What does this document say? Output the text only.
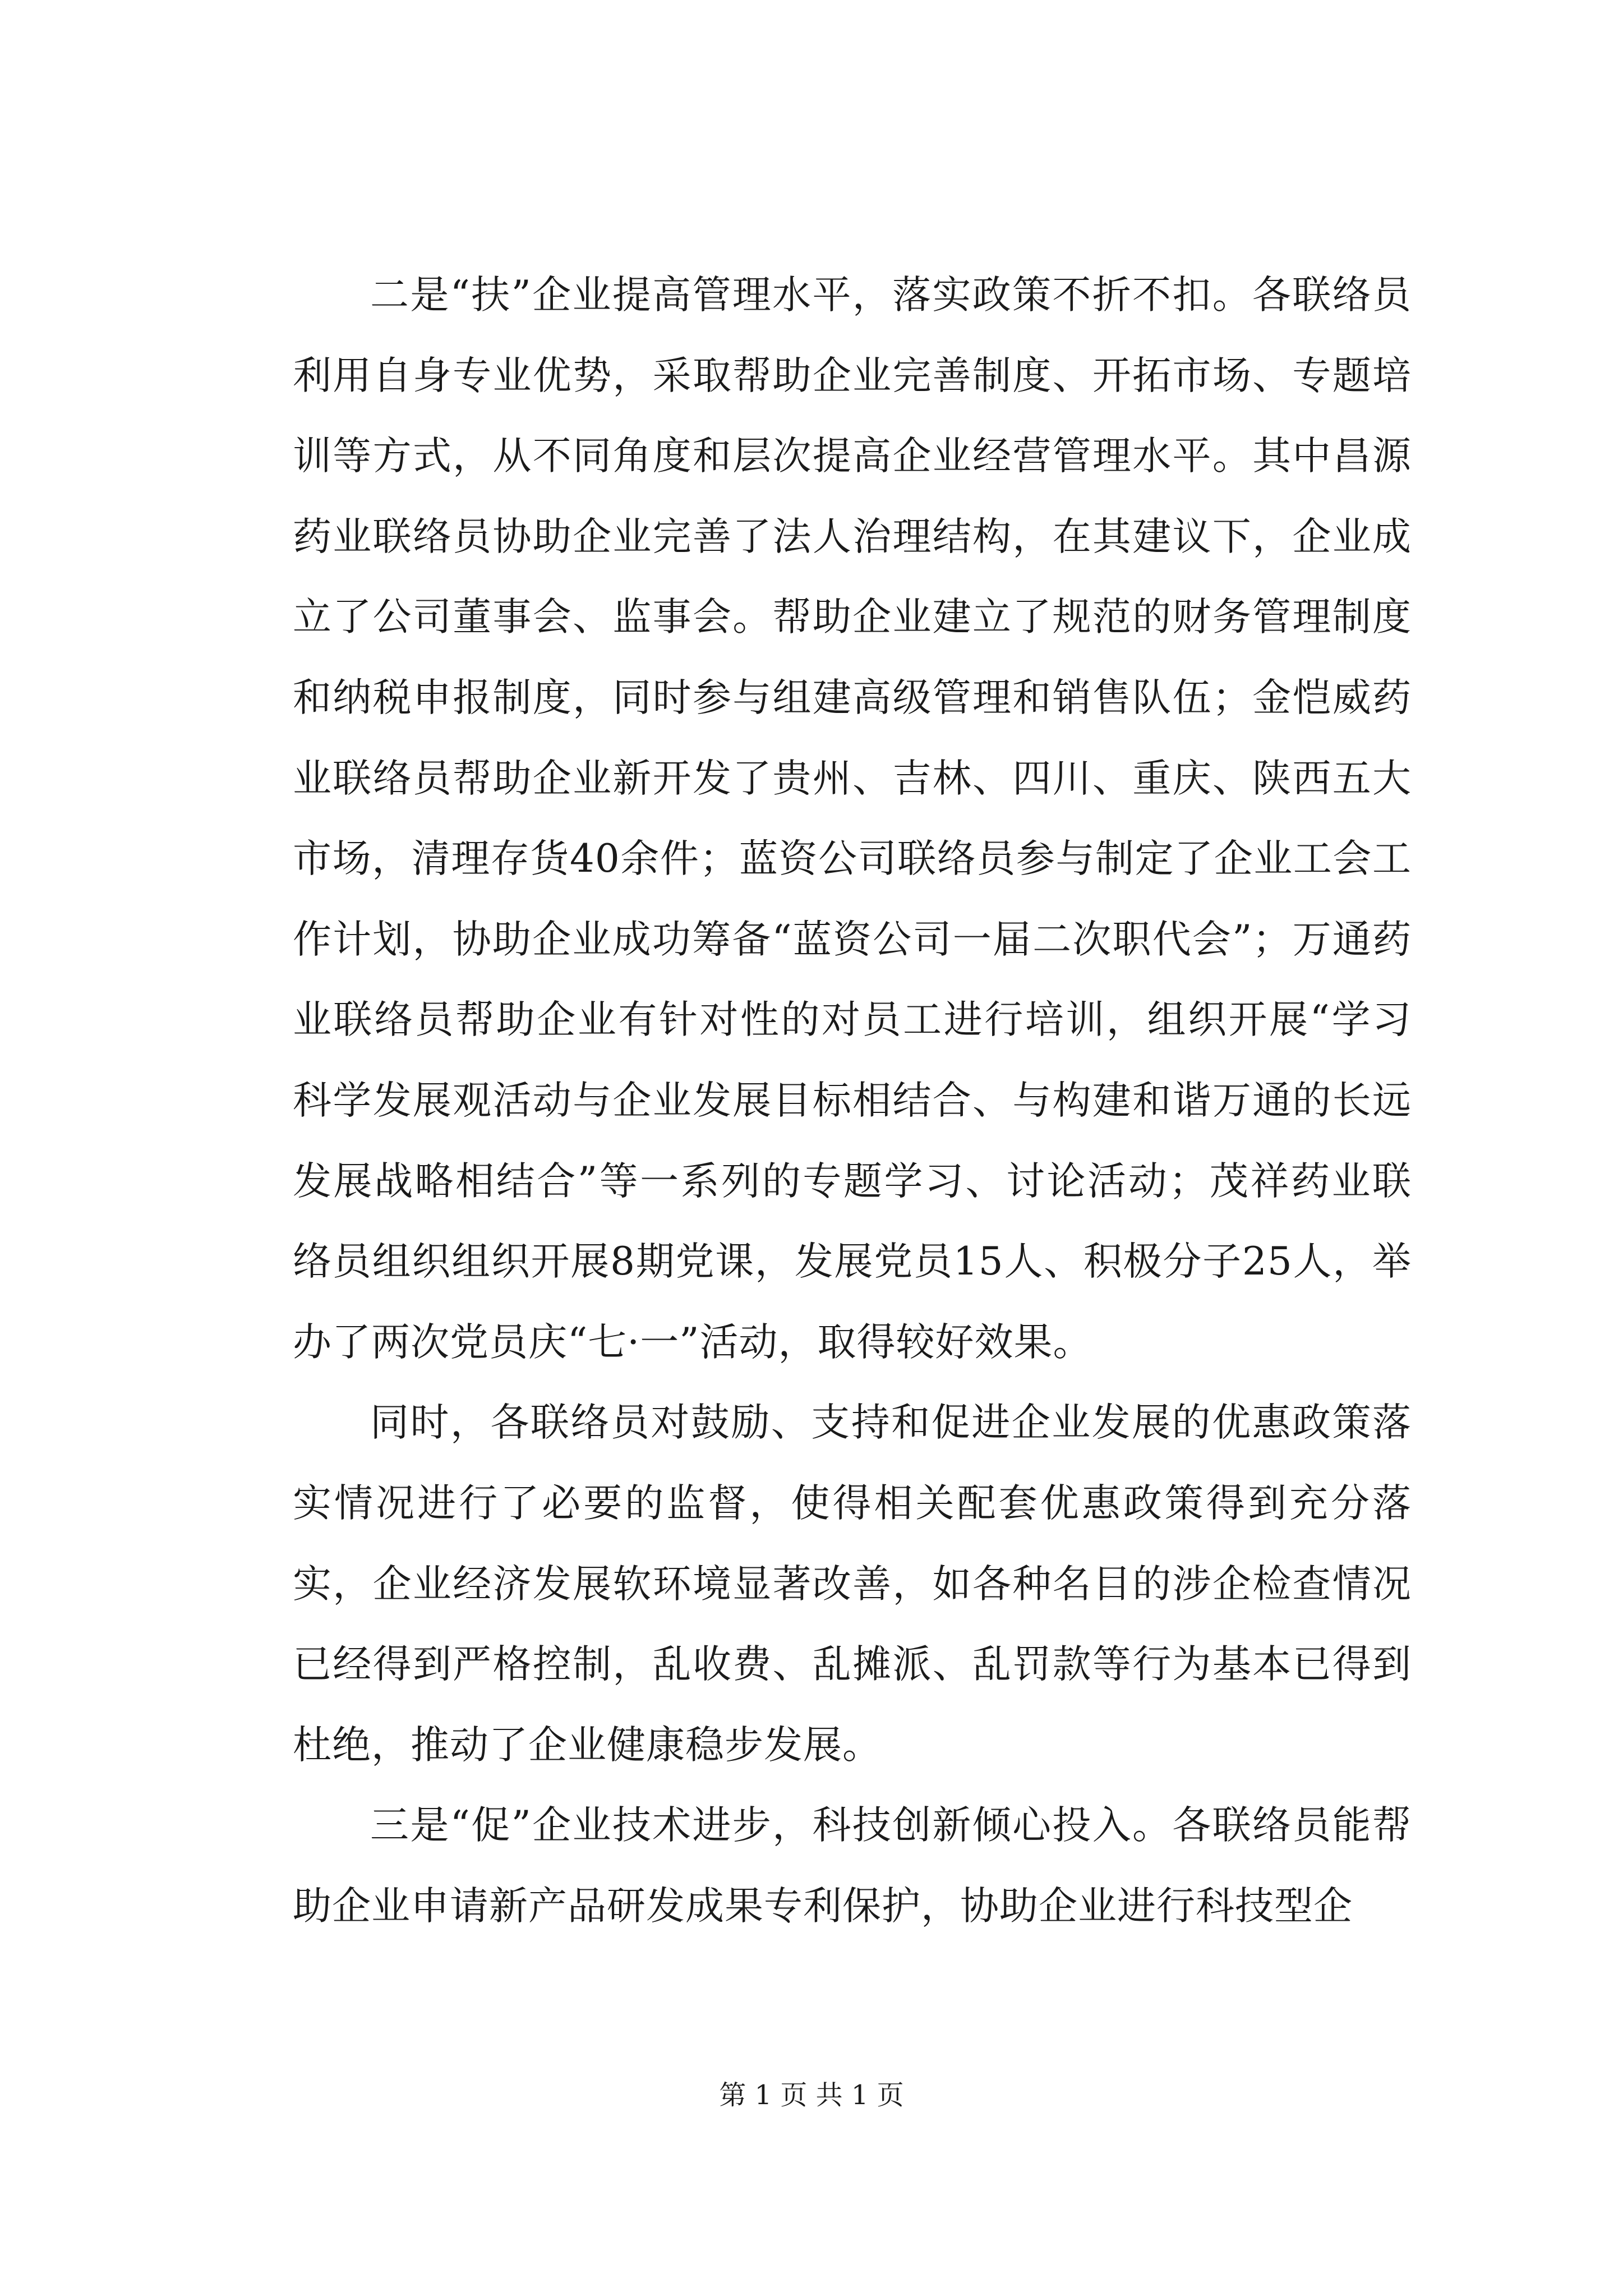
二是“扶”企业提高管理水平，落实政策不折不扣。各联络员利用自身专业优势，采取帮助企业完善制度、开拓市场、专题培训等方式，从不同角度和层次提高企业经营管理水平。其中昌源药业联络员协助企业完善了法人治理结构，在其建议下，企业成立了公司董事会、监事会。帮助企业建立了规范的财务管理制度和纳税申报制度，同时参与组建高级管理和销售队伍；金恺威药业联络员帮助企业新开发了贵州、吉林、四川、重庆、陕西五大市场，清理存货40余件；蓝资公司联络员参与制定了企业工会工作计划，协助企业成功筹备“蓝资公司一届二次职代会”；万通药业联络员帮助企业有针对性的对员工进行培训，组织开展“学习科学发展观活动与企业发展目标相结合、与构建和谐万通的长远发展战略相结合”等一系列的专题学习、讨论活动；茂祥药业联络员组织组织开展8期党课，发展党员15人、积极分子25人，举办了两次党员庆“七·一”活动，取得较好效果。

同时，各联络员对鼓励、支持和促进企业发展的优惠政策落实情况进行了必要的监督，使得相关配套优惠政策得到充分落实，企业经济发展软环境显著改善，如各种名目的涉企检查情况已经得到严格控制，乱收费、乱摊派、乱罚款等行为基本已得到杜绝，推动了企业健康稳步发展。

三是“促”企业技术进步，科技创新倾心投入。各联络员能帮助企业申请新产品研发成果专利保护，协助企业进行科技型企

第 1 页 共 1 页
